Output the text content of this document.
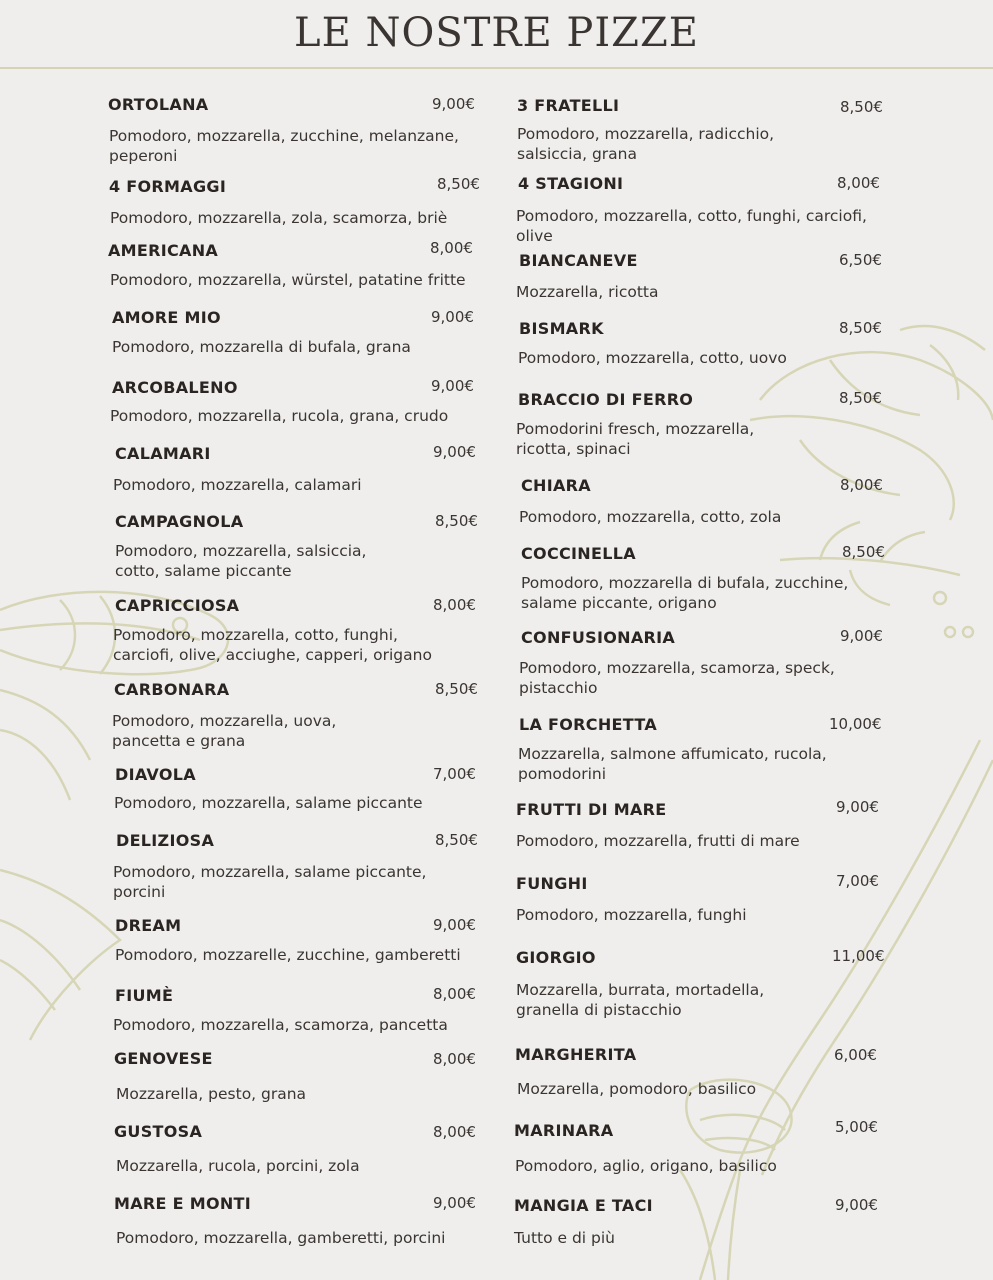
LE NOSTRE PIZZE
ORTOLANA	9,00€
Pomodoro, mozzarella, zucchine, melanzane, peperoni
4 FORMAGGI	8,50€
Pomodoro, mozzarella, zola, scamorza, briè
AMERICANA	8,00€
Pomodoro, mozzarella, würstel, patatine fritte
AMORE MIO	9,00€
Pomodoro, mozzarella di bufala, grana
ARCOBALENO	9,00€
Pomodoro, mozzarella, rucola, grana, crudo
CALAMARI	9,00€
Pomodoro, mozzarella, calamari
CAMPAGNOLA	8,50€
Pomodoro, mozzarella, salsiccia, cotto, salame piccante
CAPRICCIOSA	8,00€
Pomodoro, mozzarella, cotto, funghi, carciofi, olive, acciughe, capperi, origano
CARBONARA	8,50€
Pomodoro, mozzarella, uova, pancetta e grana
DIAVOLA	7,00€
Pomodoro, mozzarella, salame piccante
DELIZIOSA	8,50€
Pomodoro, mozzarella, salame piccante, porcini
DREAM	9,00€
Pomodoro, mozzarelle, zucchine, gamberetti
FIUMÈ	8,00€
Pomodoro, mozzarella, scamorza, pancetta
GENOVESE	8,00€
Mozzarella, pesto, grana
GUSTOSA	8,00€
Mozzarella, rucola, porcini, zola
MARE E MONTI	9,00€
Pomodoro, mozzarella, gamberetti, porcini
3 FRATELLI	8,50€
Pomodoro, mozzarella, radicchio, salsiccia, grana
4 STAGIONI	8,00€
Pomodoro, mozzarella, cotto, funghi, carciofi, olive
BIANCANEVE	6,50€
Mozzarella, ricotta
BISMARK	8,50€
Pomodoro, mozzarella, cotto, uovo
BRACCIO DI FERRO	8,50€
Pomodorini fresch, mozzarella, ricotta, spinaci
CHIARA	8,00€
Pomodoro, mozzarella, cotto, zola
COCCINELLA	8,50€
Pomodoro, mozzarella di bufala, zucchine, salame piccante, origano
CONFUSIONARIA	9,00€
Pomodoro, mozzarella, scamorza, speck, pistacchio
LA FORCHETTA	10,00€
Mozzarella, salmone affumicato, rucola, pomodorini
FRUTTI DI MARE	9,00€
Pomodoro, mozzarella, frutti di mare
FUNGHI	7,00€
Pomodoro, mozzarella, funghi
GIORGIO	11,00€
Mozzarella, burrata, mortadella, granella di pistacchio
MARGHERITA	6,00€
Mozzarella, pomodoro, basilico
MARINARA	5,00€
Pomodoro, aglio, origano, basilico
MANGIA E TACI	9,00€
Tutto e di più
